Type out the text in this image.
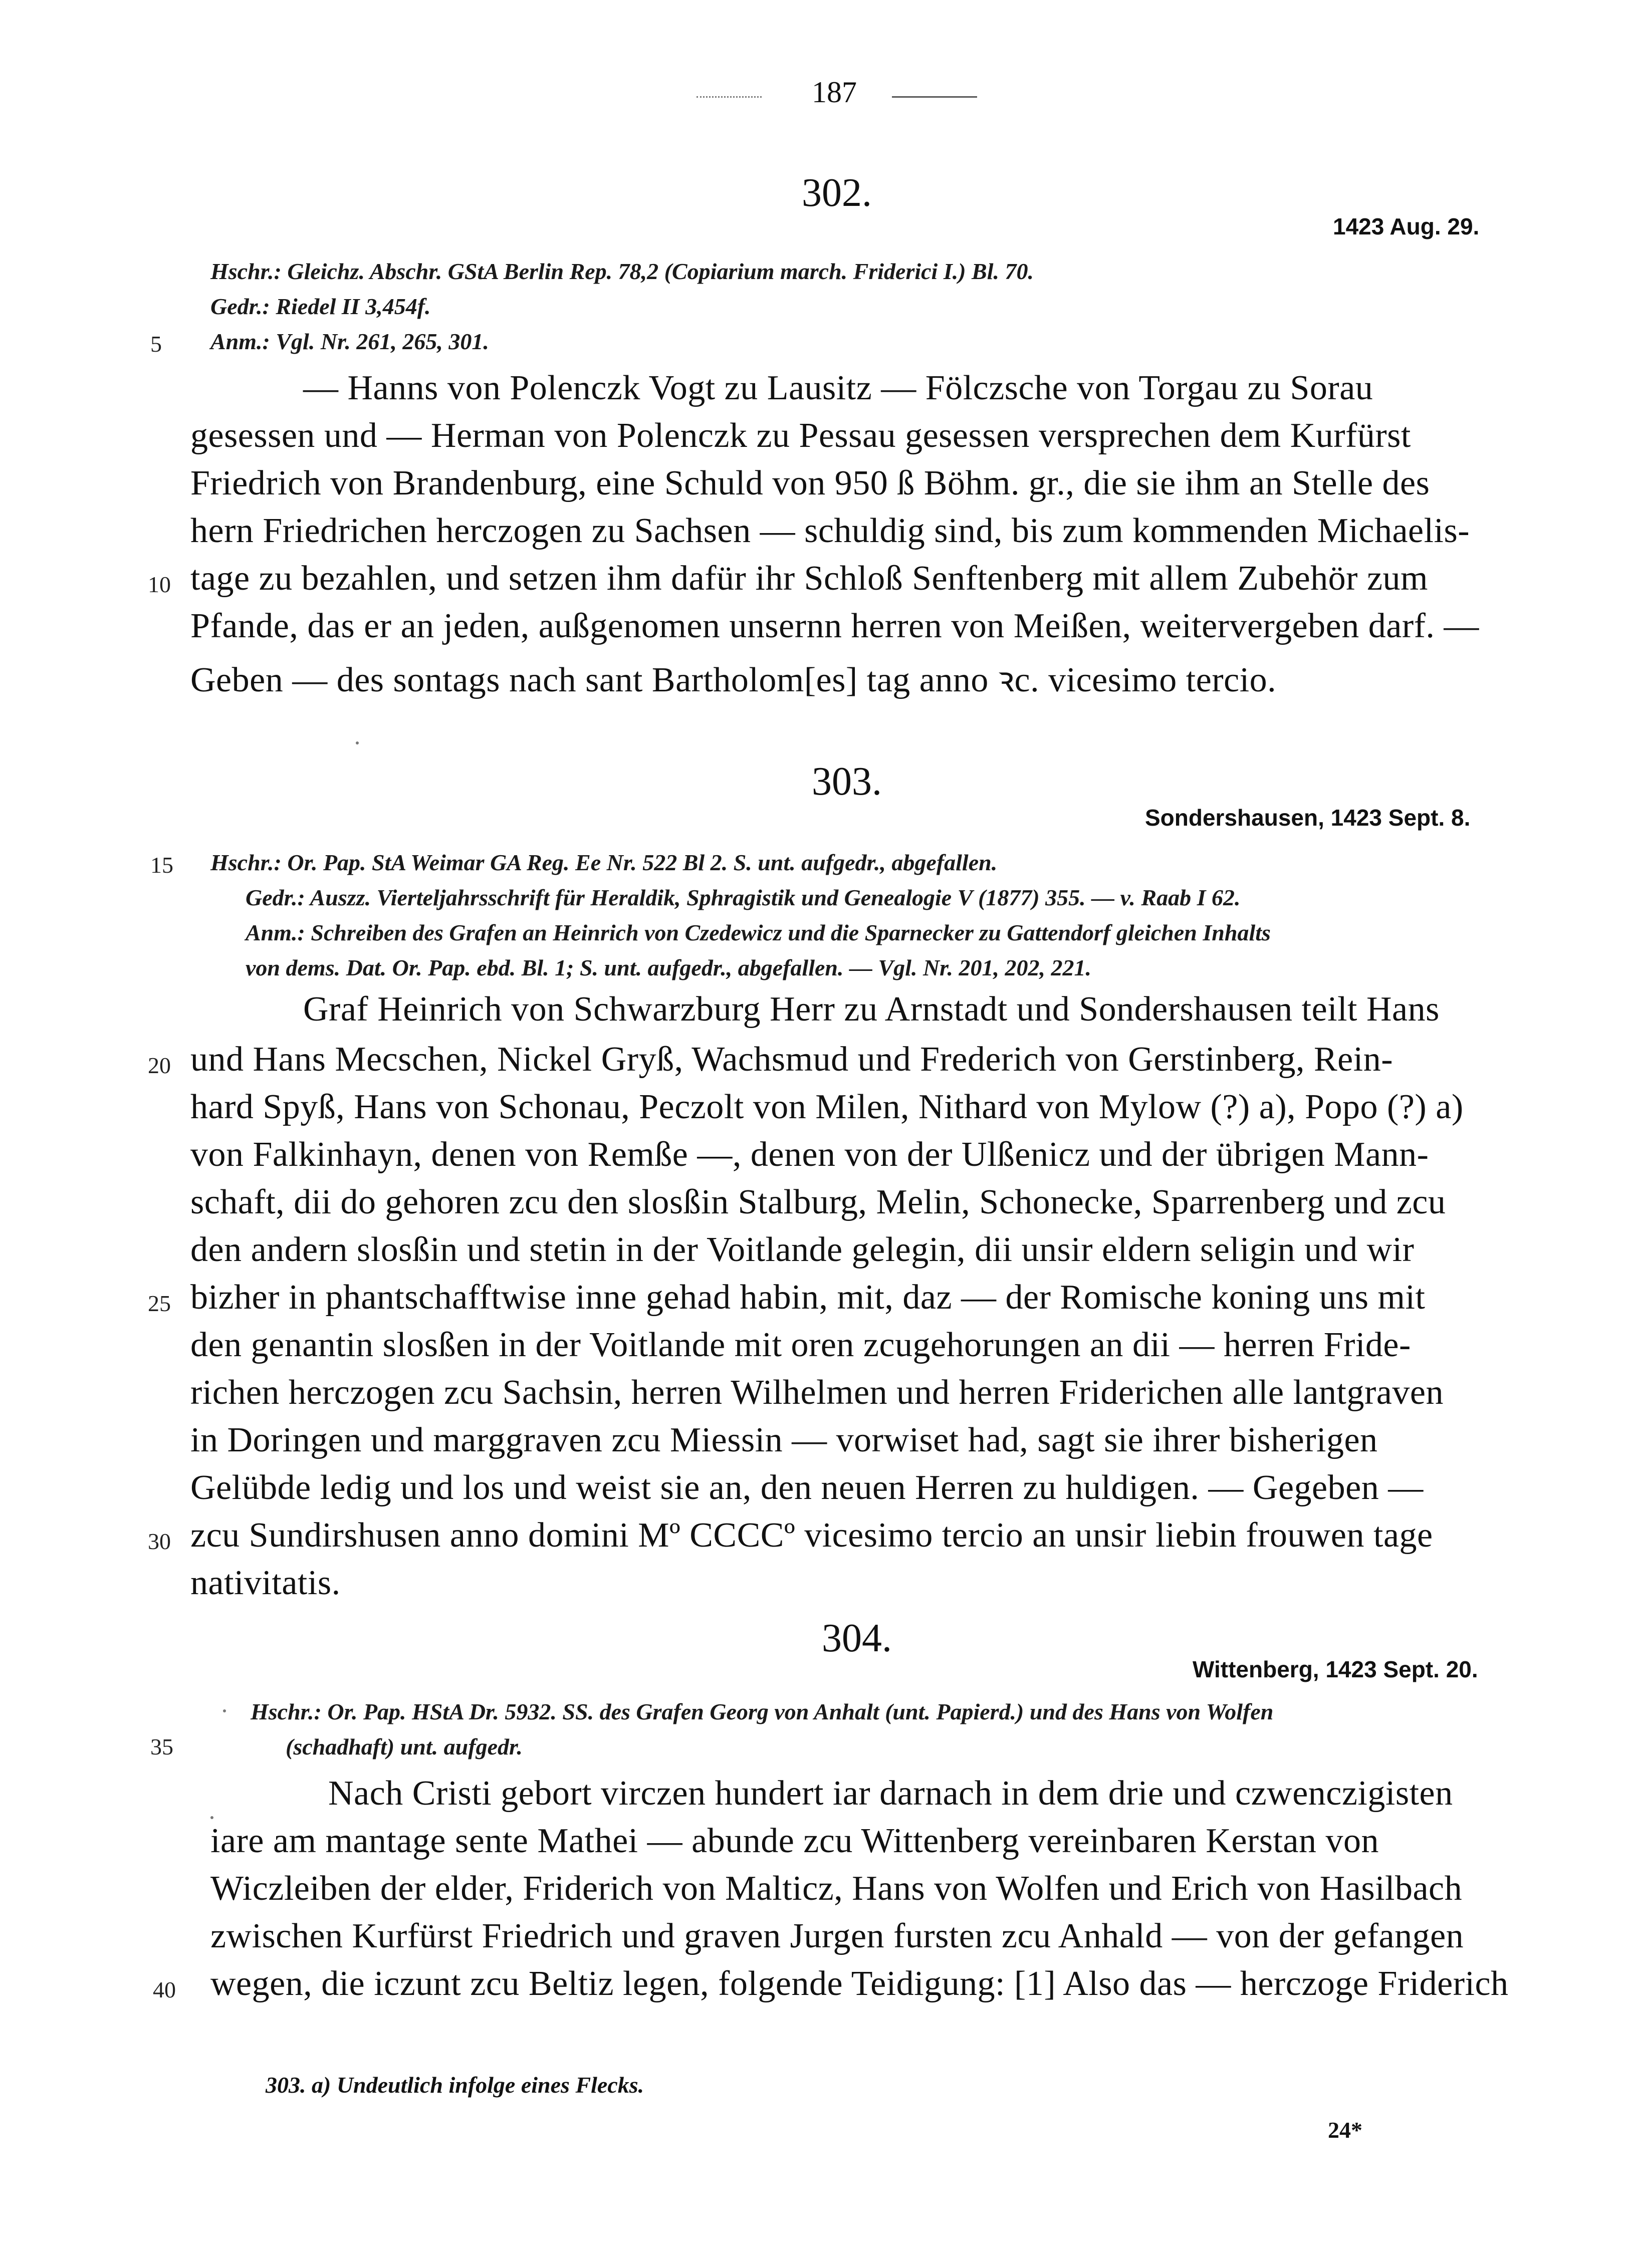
187
302.
1423 Aug. 29.
Hschr.: Gleichz. Abschr. GStA Berlin Rep. 78,2 (Copiarium march. Friderici I.) Bl. 70.
Gedr.: Riedel II 3,454f.
Anm.: Vgl. Nr. 261, 265, 301.
5
— Hanns von Polenczk Vogt zu Lausitz — Fölczsche von Torgau zu Sorau
gesessen und — Herman von Polenczk zu Pessau gesessen versprechen dem Kurfürst
Friedrich von Brandenburg, eine Schuld von 950 ß Böhm. gr., die sie ihm an Stelle des
hern Friedrichen herczogen zu Sachsen — schuldig sind, bis zum kommenden Michaelis-
10 tage zu bezahlen, und setzen ihm dafür ihr Schloß Senftenberg mit allem Zubehör zum
Pfande, das er an jeden, außgenomen unsernn herren von Meißen, weitervergeben darf. —
Geben — des sontags nach sant Bartholom[es] tag anno ꝛc. vicesimo tercio.
303.
Sondershausen, 1423 Sept. 8.
15 Hschr.: Or. Pap. StA Weimar GA Reg. Ee Nr. 522 Bl 2. S. unt. aufgedr., abgefallen.
Gedr.: Auszz. Vierteljahrsschrift für Heraldik, Sphragistik und Genealogie V (1877) 355. — v. Raab I 62.
Anm.: Schreiben des Grafen an Heinrich von Czedewicz und die Sparnecker zu Gattendorf gleichen Inhalts
von dems. Dat. Or. Pap. ebd. Bl. 1; S. unt. aufgedr., abgefallen. — Vgl. Nr. 201, 202, 221.
Graf Heinrich von Schwarzburg Herr zu Arnstadt und Sondershausen teilt Hans
20 und Hans Mecschen, Nickel Gryß, Wachsmud und Frederich von Gerstinberg, Rein-
hard Spyß, Hans von Schonau, Peczolt von Milen, Nithard von Mylow (?) a), Popo (?) a)
von Falkinhayn, denen von Remße —, denen von der Ulßenicz und der übrigen Mann-
schaft, dii do gehoren zcu den slosßin Stalburg, Melin, Schonecke, Sparrenberg und zcu
den andern slosßin und stetin in der Voitlande gelegin, dii unsir eldern seligin und wir
25 bizher in phantschafftwise inne gehad habin, mit, daz — der Romische koning uns mit
den genantin slosßen in der Voitlande mit oren zcugehorungen an dii — herren Fride-
richen herczogen zcu Sachsin, herren Wilhelmen und herren Friderichen alle lantgraven
in Doringen und marggraven zcu Miessin — vorwiset had, sagt sie ihrer bisherigen
Gelübde ledig und los und weist sie an, den neuen Herren zu huldigen. — Gegeben —
30 zcu Sundirshusen anno domini Mº CCCCº vicesimo tercio an unsir liebin frouwen tage
nativitatis.
304.
Wittenberg, 1423 Sept. 20.
Hschr.: Or. Pap. HStA Dr. 5932. SS. des Grafen Georg von Anhalt (unt. Papierd.) und des Hans von Wolfen
35	(schadhaft) unt. aufgedr.
Nach Cristi gebort virczen hundert iar darnach in dem drie und czwenczigisten
iare am mantage sente Mathei — abunde zcu Wittenberg vereinbaren Kerstan von
Wiczleiben der elder, Friderich von Malticz, Hans von Wolfen und Erich von Hasilbach
zwischen Kurfürst Friedrich und graven Jurgen fursten zcu Anhald — von der gefangen
40 wegen, die iczunt zcu Beltiz legen, folgende Teidigung: [1] Also das — herczoge Friderich
303. a) Undeutlich infolge eines Flecks.
24*
